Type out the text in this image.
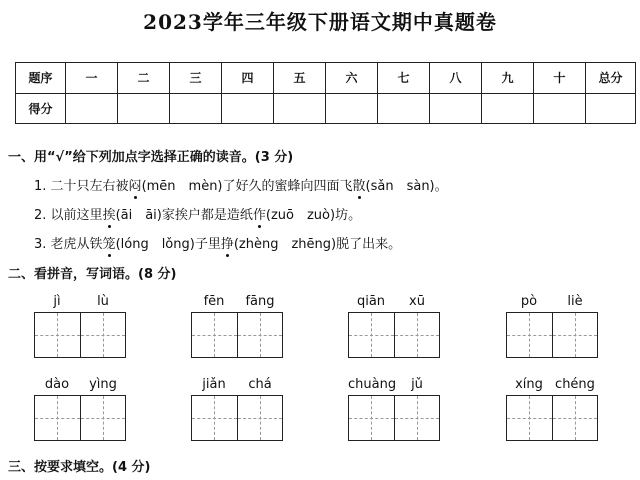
2023学年三年级下册语文期中真题卷
题序	一	二	三	四	五	六	七	八	九	十	总分
得分											
一、用“√”给下列加点字选择正确的读音。(3 分)
1. 二十只左右被闷(mēn　mèn)了好久的蜜蜂向四面飞散(sǎn　sàn)。
2. 以前这里挨(āi　āi)家挨户都是造纸作(zuō　zuò)坊。
3. 老虎从铁笼(lóng　lǒng)子里挣(zhèng　zhēng)脱了出来。
二、看拼音，写词语。(8 分)
jì	lù	fēn	fāng	qiān	xū	pò	liè
dào	yìng	jiǎn	chá	chuàng	jǔ	xíng chéng
三、按要求填空。(4 分)
